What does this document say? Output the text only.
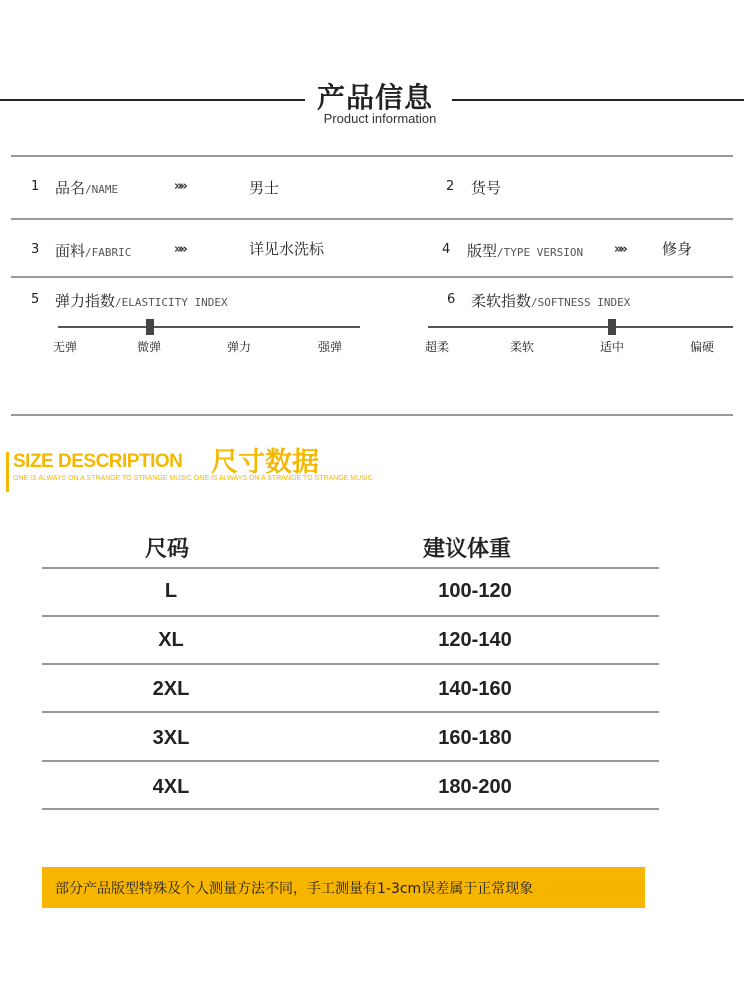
产品信息
Product information
1 品名/NAME	»»	男士	2 货号
3 面料/FABRIC	»»	详见水洗标	4 版型/TYPE VERSION »» 修身
5 弹力指数/ELASTICITY INDEX
无弹	微弹	弹力	强弹
6 柔软指数/SOFTNESS INDEX
超柔	柔软	适中	偏硬
SIZE DESCRIPTION 尺寸数据
ONE IS ALWAYS ON A STRANGE TO STRANGE MUSIC ONE IS ALWAYS ON A STRANGE TO STRANGE MUSIC
尺码	建议体重
L	100-120
XL	120-140
2XL	140-160
3XL	160-180
4XL	180-200
部分产品版型特殊及个人测量方法不同，手工测量有1-3cm误差属于正常现象
